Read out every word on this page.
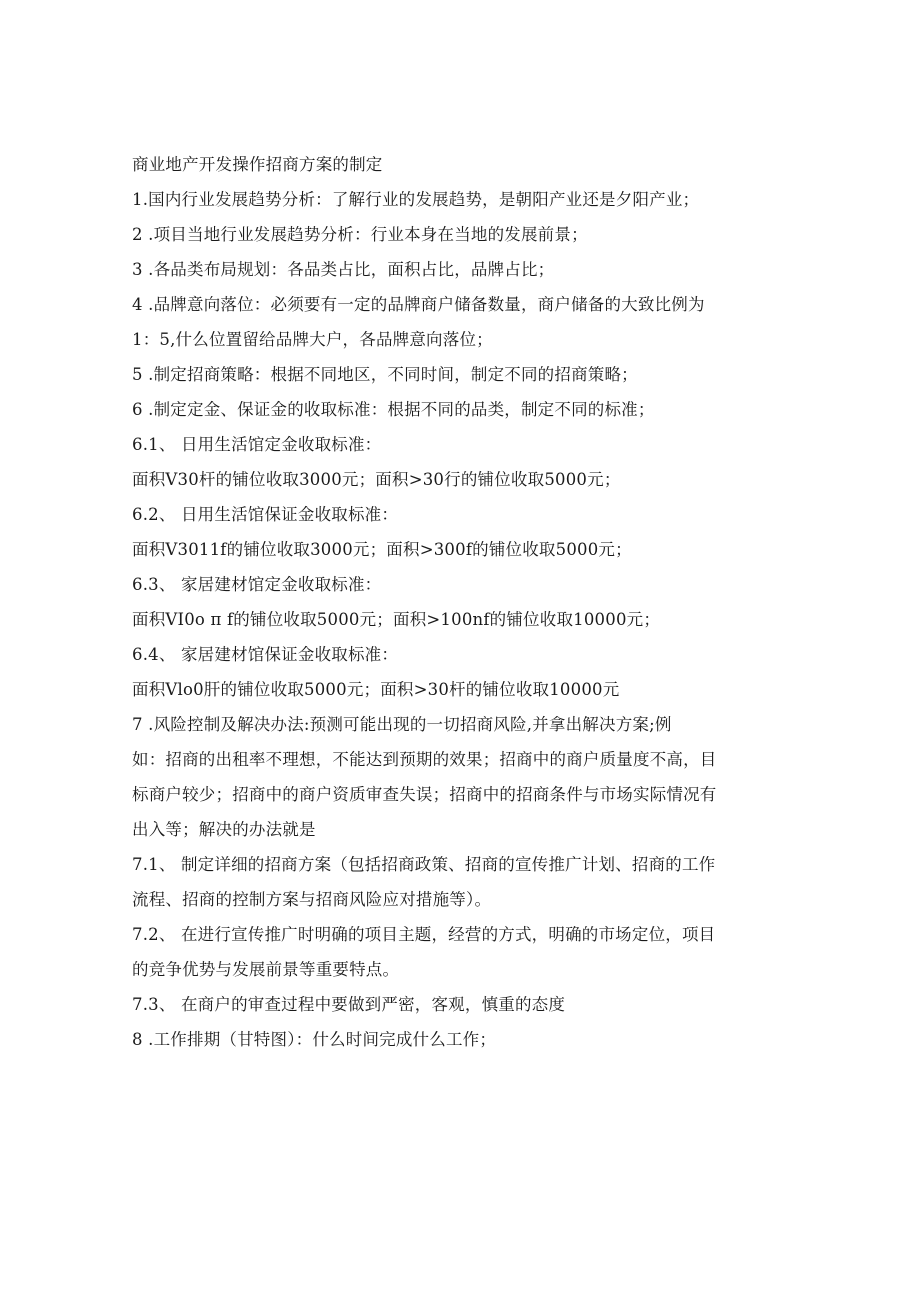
商业地产开发操作招商方案的制定
1.国内行业发展趋势分析：了解行业的发展趋势，是朝阳产业还是夕阳产业；
2 .项目当地行业发展趋势分析：行业本身在当地的发展前景；
3 .各品类布局规划：各品类占比，面积占比，品牌占比；
4 .品牌意向落位：必须要有一定的品牌商户储备数量，商户储备的大致比例为
1：5,什么位置留给品牌大户，各品牌意向落位；
5 .制定招商策略：根据不同地区，不同时间，制定不同的招商策略；
6 .制定定金、保证金的收取标准：根据不同的品类，制定不同的标准；
6.1、 日用生活馆定金收取标准：
面积V30杆的铺位收取3000元；面积>30行的铺位收取5000元；
6.2、 日用生活馆保证金收取标准：
面积V3011f的铺位收取3000元；面积>300f的铺位收取5000元；
6.3、 家居建材馆定金收取标准：
面积VI0o π f的铺位收取5000元；面积>100nf的铺位收取10000元；
6.4、 家居建材馆保证金收取标准：
面积Vlo0肝的铺位收取5000元；面积>30杆的铺位收取10000元
7 .风险控制及解决办法:预测可能出现的一切招商风险,并拿出解决方案;例
如：招商的出租率不理想，不能达到预期的效果；招商中的商户质量度不高，目
标商户较少；招商中的商户资质审查失误；招商中的招商条件与市场实际情况有
出入等；解决的办法就是
7.1、 制定详细的招商方案（包括招商政策、招商的宣传推广计划、招商的工作
流程、招商的控制方案与招商风险应对措施等）。
7.2、 在进行宣传推广时明确的项目主题，经营的方式，明确的市场定位，项目
的竞争优势与发展前景等重要特点。
7.3、 在商户的审查过程中要做到严密，客观，慎重的态度
8 .工作排期（甘特图）：什么时间完成什么工作；
